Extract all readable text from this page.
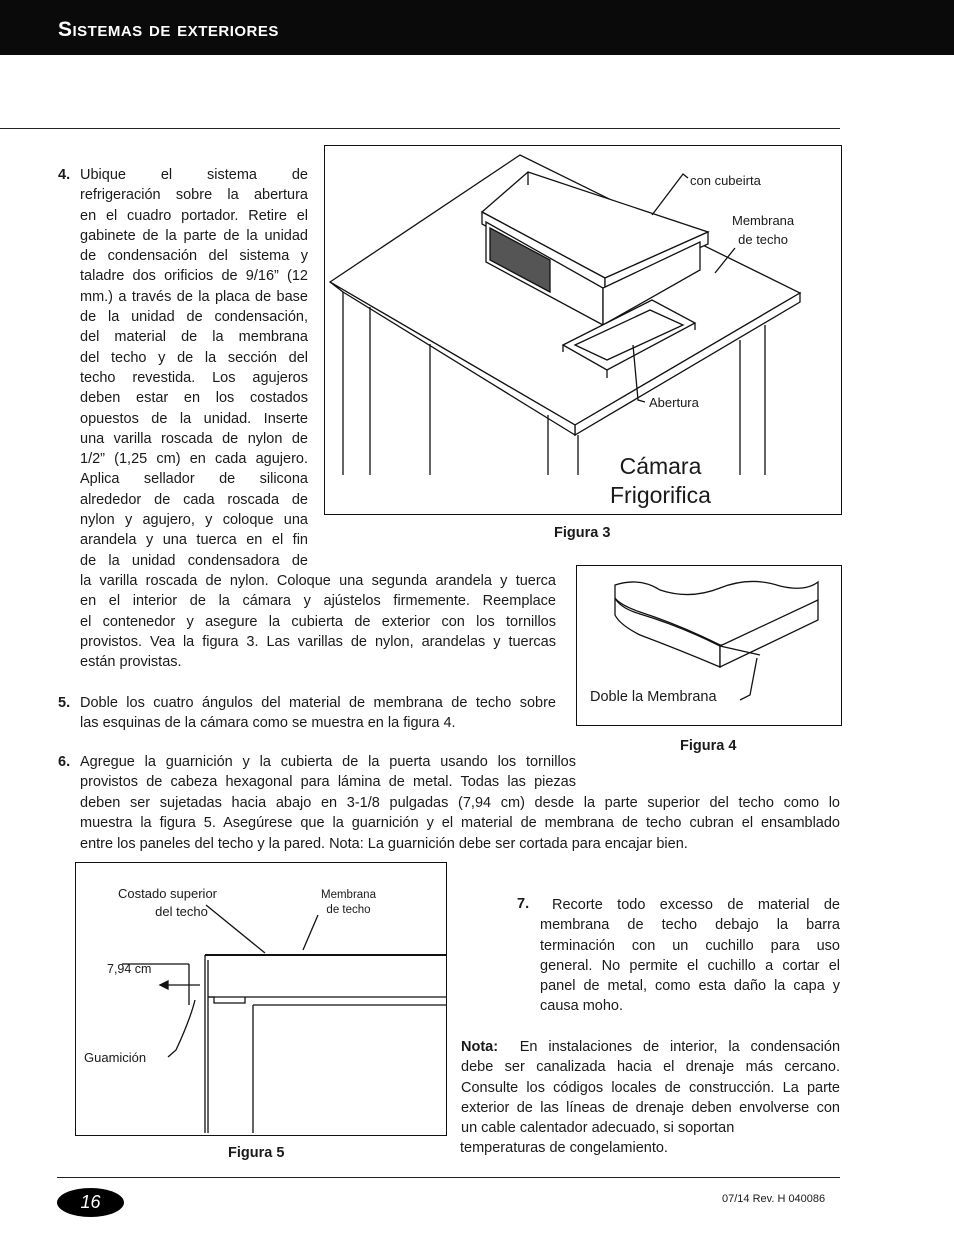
Sistemas de exteriores
4. Ubique el sistema de
refrigeración sobre la abertura
en el cuadro portador. Retire el
gabinete de la parte de la unidad
de condensación del sistema y
taladre dos orificios de 9/16” (12
mm.) a través de la placa de base
de la unidad de condensación,
del material de la membrana
del techo y de la sección del
techo revestida. Los agujeros
deben estar en los costados
opuestos de la unidad. Inserte
una varilla roscada de nylon de
1/2” (1,25 cm) en cada agujero.
Aplica sellador de silicona
alrededor de cada roscada de
nylon y agujero, y coloque una
arandela y una tuerca en el fin
de la unidad condensadora de
la varilla roscada de nylon. Coloque una segunda arandela y tuerca
en el interior de la cámara y ajústelos firmemente. Reemplace
el contenedor y asegure la cubierta de exterior con los tornillos
provistos. Vea la figura 3. Las varillas de nylon, arandelas y tuercas
están provistas.
5. Doble los cuatro ángulos del material de membrana de techo sobre
las esquinas de la cámara como se muestra en la figura 4.
6. Agregue la guarnición y la cubierta de la puerta usando los tornillos
provistos de cabeza hexagonal para lámina de metal. Todas las piezas
deben ser sujetadas hacia abajo en 3-1/8 pulgadas (7,94 cm) desde la parte superior del techo como lo
muestra la figura 5. Asegúrese que la guarnición y el material de membrana de techo cubran el ensamblado
entre los paneles del techo y la pared. Nota: La guarnición debe ser cortada para encajar bien.
7.	Recorte todo excesso de material de
membrana de techo debajo la barra
terminación con un cuchillo para uso
general. No permite el cuchillo a cortar el
panel de metal, como esta daño la capa y
causa moho.
Nota: En instalaciones de interior, la condensación
debe ser canalizada hacia el drenaje más cercano.
Consulte los códigos locales de construcción. La parte
exterior de las líneas de drenaje deben envolverse con
un cable calentador adecuado, si soportan
temperaturas de congelamiento.
con cubeirta
Membrana
de techo
Abertura
Cámara
Frigorifica
Figura 3
Doble la Membrana
Figura 4
Costado superior
del techo
Membrana
de techo
7,94 cm
Guamición
Figura 5
16	07/14 Rev. H 040086
